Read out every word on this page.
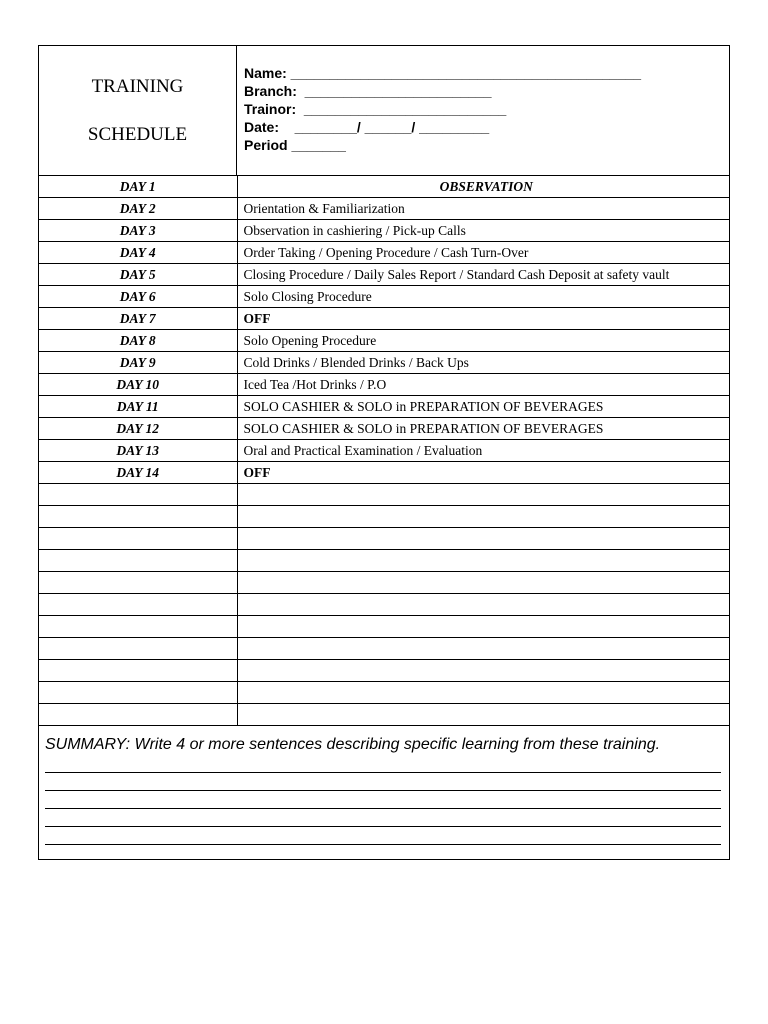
TRAINING
SCHEDULE
Name: _____________________________________________
Branch:  ________________________
Trainor:  __________________________
Date:    ________/ ______/ _________
Period _______
DAY 1	OBSERVATION
DAY 2	Orientation & Familiarization
DAY 3	Observation in cashiering / Pick-up Calls
DAY 4	Order Taking / Opening Procedure / Cash Turn-Over
DAY 5	Closing Procedure / Daily Sales Report / Standard Cash Deposit at safety vault
DAY 6	Solo Closing Procedure
DAY 7	OFF
DAY 8	Solo Opening Procedure
DAY 9	Cold Drinks / Blended Drinks / Back Ups
DAY 10	Iced Tea /Hot Drinks / P.O
DAY 11	SOLO CASHIER & SOLO in PREPARATION OF BEVERAGES
DAY 12	SOLO CASHIER & SOLO in PREPARATION OF BEVERAGES
DAY 13	Oral and Practical Examination / Evaluation
DAY 14	OFF

SUMMARY: Write 4 or more sentences describing specific learning from these training.
